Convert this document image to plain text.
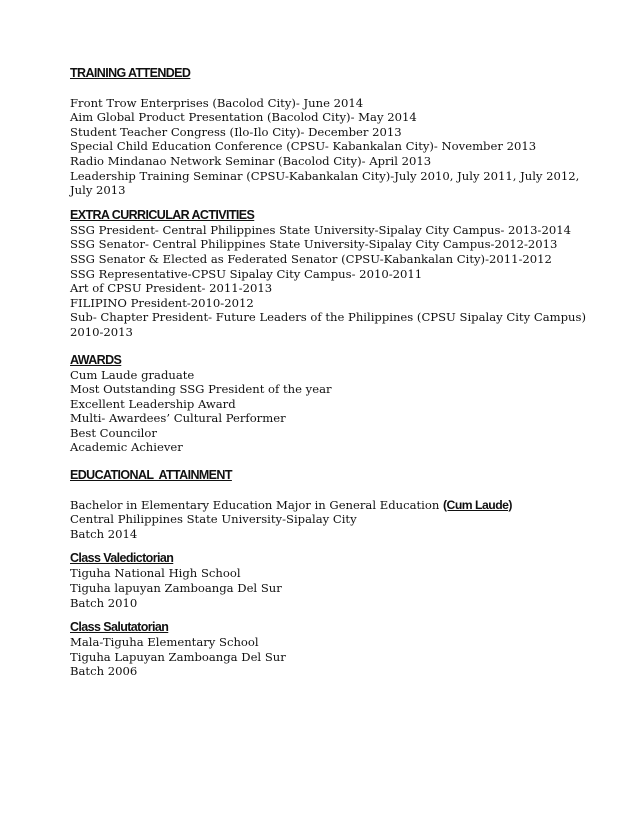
TRAINING ATTENDED

Front Trow Enterprises (Bacolod City)- June 2014

Aim Global Product Presentation (Bacolod City)- May 2014

Student Teacher Congress (Ilo-Ilo City)- December 2013

Special Child Education Conference (CPSU- Kabankalan City)- November 2013

Radio Mindanao Network Seminar (Bacolod City)- April 2013

Leadership Training Seminar (CPSU-Kabankalan City)-July 2010, July 2011, July 2012,

July 2013

EXTRA CURRICULAR ACTIVITIES

SSG President- Central Philippines State University-Sipalay City Campus- 2013-2014

SSG Senator- Central Philippines State University-Sipalay City Campus-2012-2013

SSG Senator & Elected as Federated Senator (CPSU-Kabankalan City)-2011-2012

SSG Representative-CPSU Sipalay City Campus- 2010-2011

Art of CPSU President- 2011-2013

FILIPINO President-2010-2012

Sub- Chapter President- Future Leaders of the Philippines (CPSU Sipalay City Campus)

2010-2013

AWARDS

Cum Laude graduate

Most Outstanding SSG President of the year

Excellent Leadership Award

Multi- Awardees’ Cultural Performer

Best Councilor

Academic Achiever

EDUCATIONAL  ATTAINMENT

Bachelor in Elementary Education Major in General Education (Cum Laude)

Central Philippines State University-Sipalay City

Batch 2014

Class Valedictorian

Tiguha National High School

Tiguha lapuyan Zamboanga Del Sur

Batch 2010

Class Salutatorian

Mala-Tiguha Elementary School

Tiguha Lapuyan Zamboanga Del Sur

Batch 2006
